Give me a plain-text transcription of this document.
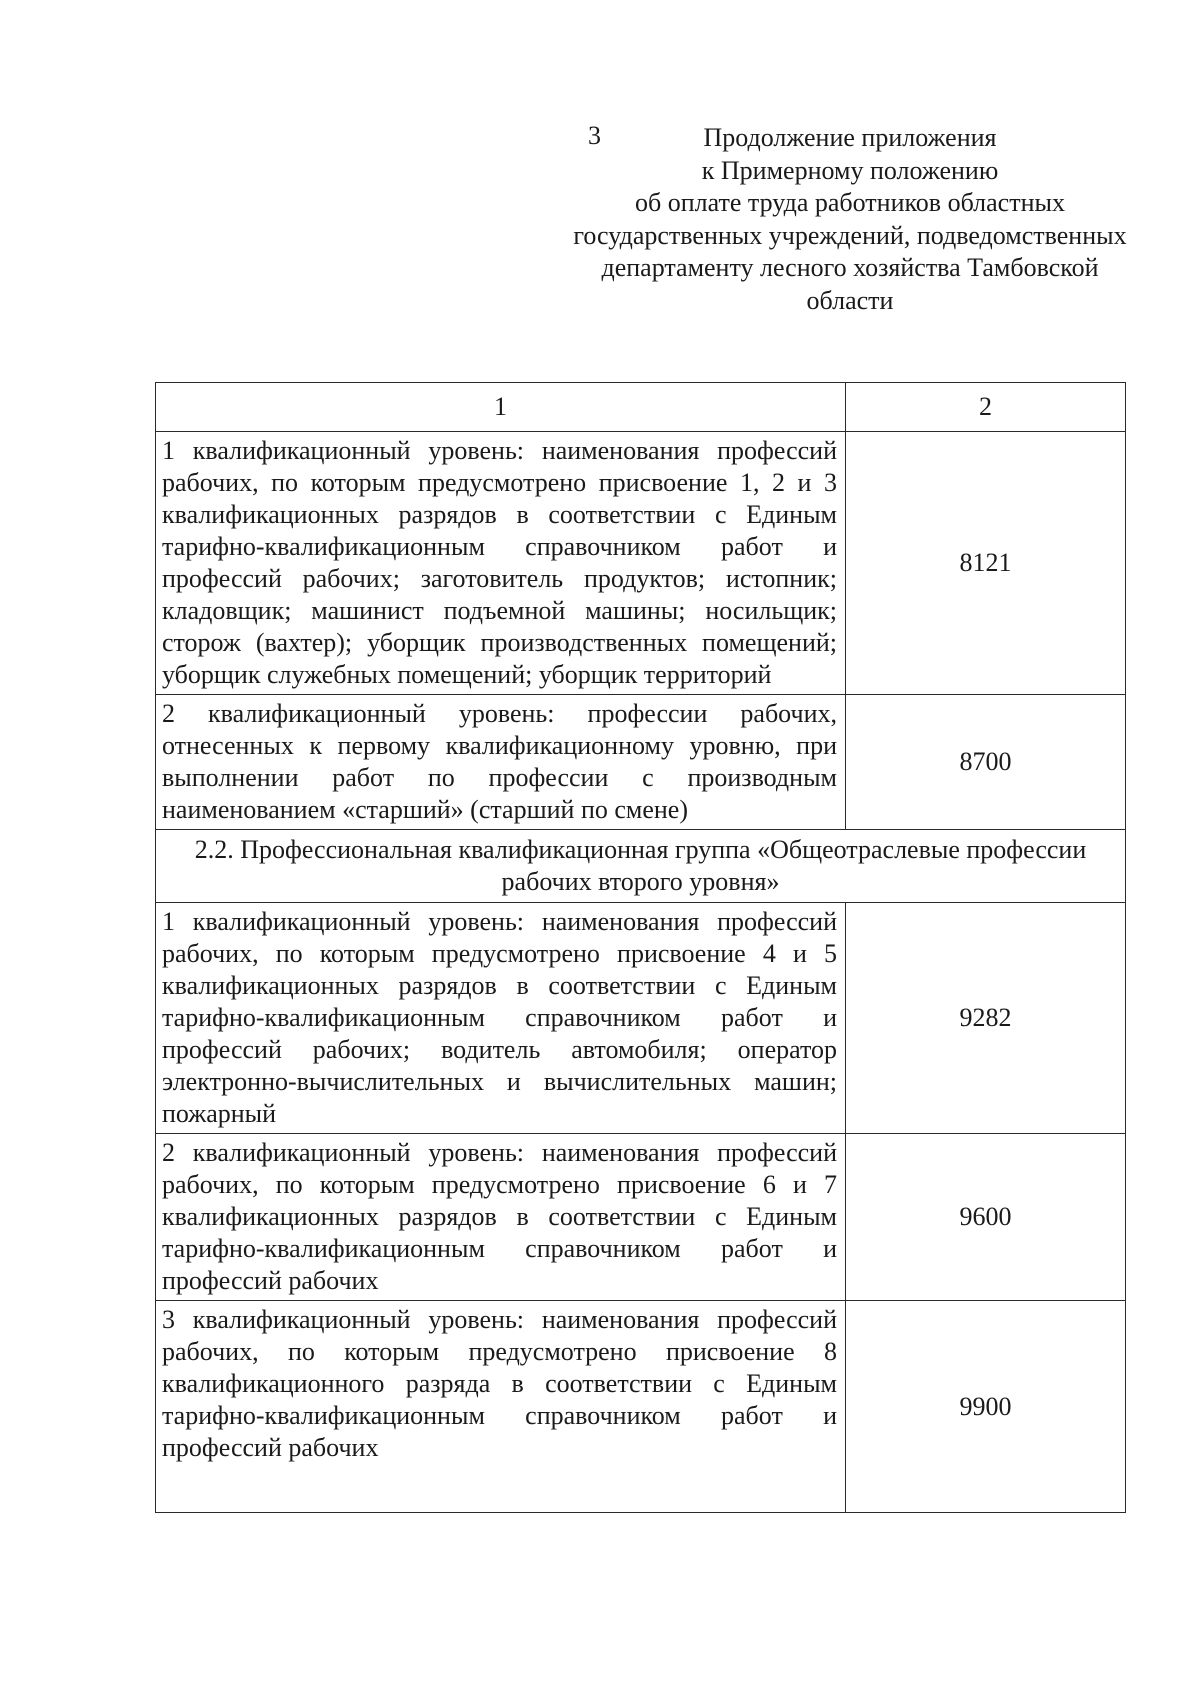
3	Продолжение приложения
к Примерному положению
об оплате труда работников областных
государственных учреждений, подведомственных
департаменту лесного хозяйства Тамбовской
области
1	2
1 квалификационный уровень: наименования профессий рабочих, по которым предусмотрено присвоение 1, 2 и 3 квалификационных разрядов в соответствии с Единым тарифно-квалификационным справочником работ и профессий рабочих; заготовитель продуктов; истопник; кладовщик; машинист подъемной машины; носильщик; сторож (вахтер); уборщик производственных помещений; уборщик служебных помещений; уборщик территорий	8121
2 квалификационный уровень: профессии рабочих, отнесенных к первому квалификационному уровню, при выполнении работ по профессии с производным наименованием «старший» (старший по смене)	8700
2.2. Профессиональная квалификационная группа «Общеотраслевые профессии рабочих второго уровня»	
1 квалификационный уровень: наименования профессий рабочих, по которым предусмотрено присвоение 4 и 5 квалификационных разрядов в соответствии с Единым тарифно-квалификационным справочником работ и профессий рабочих; водитель автомобиля; оператор электронно-вычислительных и вычислительных машин; пожарный	9282
2 квалификационный уровень: наименования профессий рабочих, по которым предусмотрено присвоение 6 и 7 квалификационных разрядов в соответствии с Единым тарифно-квалификационным справочником работ и профессий рабочих	9600
3 квалификационный уровень: наименования профессий рабочих, по которым предусмотрено присвоение 8 квалификационного разряда в соответствии с Единым тарифно-квалификационным справочником работ и профессий рабочих	9900
